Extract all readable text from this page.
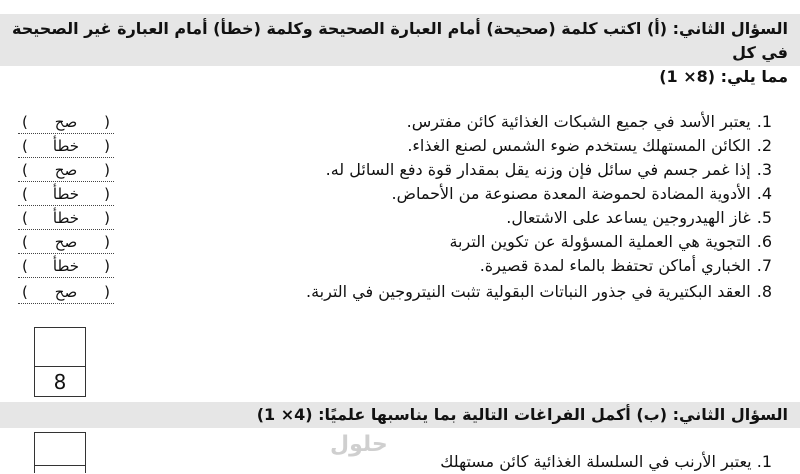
السؤال الثاني: (أ) اكتب كلمة (صحيحة) أمام العبارة الصحيحة وكلمة (خطأ) أمام العبارة غير الصحيحة في كل
مما يلي: (8× 1)
1.يعتبر الأسد في جميع الشبكات الغذائية كائن مفترس.
(
صح
)
2.الكائن المستهلك يستخدم ضوء الشمس لصنع الغذاء.
(
خطأ
)
3.إذا غمر جسم في سائل فإن وزنه يقل بمقدار قوة دفع السائل له.
(
صح
)
4.الأدوية المضادة لحموضة المعدة مصنوعة من الأحماض.
(
خطأ
)
5.غاز الهيدروجين يساعد على الاشتعال.
(
خطأ
)
6.التجوية هي العملية المسؤولة عن تكوين التربة
(
صح
)
7.الخباري أماكن تحتفظ بالماء لمدة قصيرة.
(
خطأ
)
8.العقد البكتيرية في جذور النباتات البقولية تثبت النيتروجين في التربة.
(
صح
)
8
السؤال الثاني: (ب) أكمل الفراغات التالية بما يناسبها علميًا: (4× 1)
حلول
1. يعتبر الأرنب في السلسلة الغذائية كائن مستهلك
